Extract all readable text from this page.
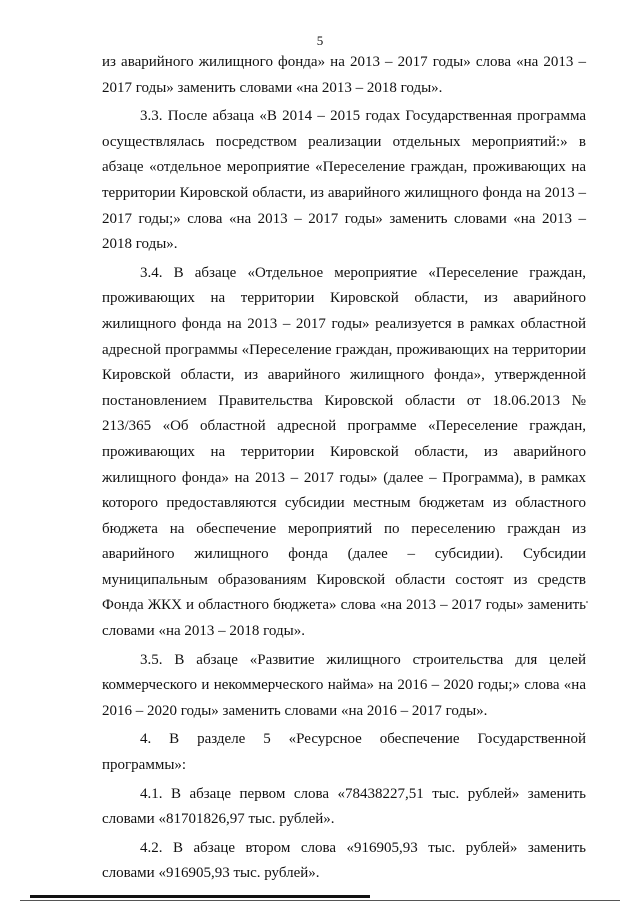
5

из аварийного жилищного фонда» на 2013 – 2017 годы» слова «на 2013 – 2017 годы» заменить словами «на 2013 – 2018 годы».

3.3. После абзаца «В 2014 – 2015 годах Государственная программа осуществлялась посредством реализации отдельных мероприятий:» в абзаце «отдельное мероприятие «Переселение граждан, проживающих на территории Кировской области, из аварийного жилищного фонда на 2013 – 2017 годы;» слова «на 2013 – 2017 годы» заменить словами «на 2013 – 2018 годы».

3.4. В абзаце «Отдельное мероприятие «Переселение граждан, проживающих на территории Кировской области, из аварийного жилищного фонда на 2013 – 2017 годы» реализуется в рамках областной адресной программы «Переселение граждан, проживающих на территории Кировской области, из аварийного жилищного фонда», утвержденной постановлением Правительства Кировской области от 18.06.2013 № 213/365 «Об областной адресной программе «Переселение граждан, проживающих на территории Кировской области, из аварийного жилищного фонда» на 2013 – 2017 годы» (далее – Программа), в рамках которого предоставляются субсидии местным бюджетам из областного бюджета на обеспечение мероприятий по переселению граждан из аварийного жилищного фонда (далее – субсидии). Субсидии муниципальным образованиям Кировской области состоят из средств Фонда ЖКХ и областного бюджета» слова «на 2013 – 2017 годы» заменить словами «на 2013 – 2018 годы».

3.5. В абзаце «Развитие жилищного строительства для целей коммерческого и некоммерческого найма» на 2016 – 2020 годы;» слова «на 2016 – 2020 годы» заменить словами «на 2016 – 2017 годы».

4. В разделе 5 «Ресурсное обеспечение Государственной программы»:

4.1. В абзаце первом слова «78438227,51 тыс. рублей» заменить словами «81701826,97 тыс. рублей».

4.2. В абзаце втором слова «916905,93 тыс. рублей» заменить словами «916905,93 тыс. рублей».
